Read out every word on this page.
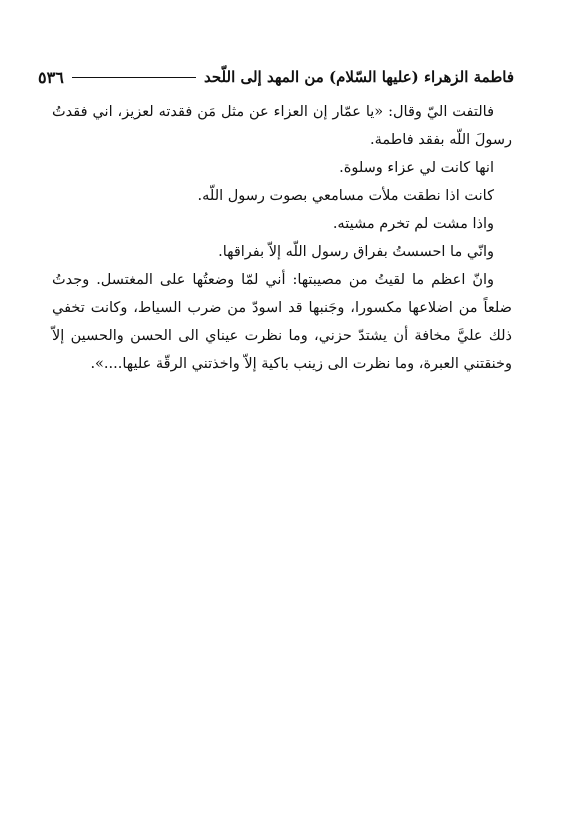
فاطمة الزهراء (عليها السّلام) من المهد إلى اللّحد
٥٣٦

فالتفت اليّ وقال: «يا عمّار إن العزاء عن مثل مَن فقدته لعزيز، اني فقدتُ رسولَ اللّه بفقد فاطمة.

انها كانت لي عزاء وسلوة.

كانت اذا نطقت ملأت مسامعي بصوت رسول اللّه.

واذا مشت لم تخرم مشيته.

وانّي ما احسستُ بفراق رسول اللّه إلاّ بفراقها.

وانّ اعظم ما لقيتُ من مصيبتها: أني لمّا وضعتُها على المغتسل. وجدتُ ضلعاً من اضلاعها مكسورا، وجَنبها قد اسودّ من ضرب السياط، وكانت تخفي ذلك عليَّ مخافة أن يشتدّ حزني، وما نظرت عيناي الى الحسن والحسين إلاّ وخنقتني العبرة، وما نظرت الى زينب باكية إلاّ واخذتني الرقّة عليها....».
